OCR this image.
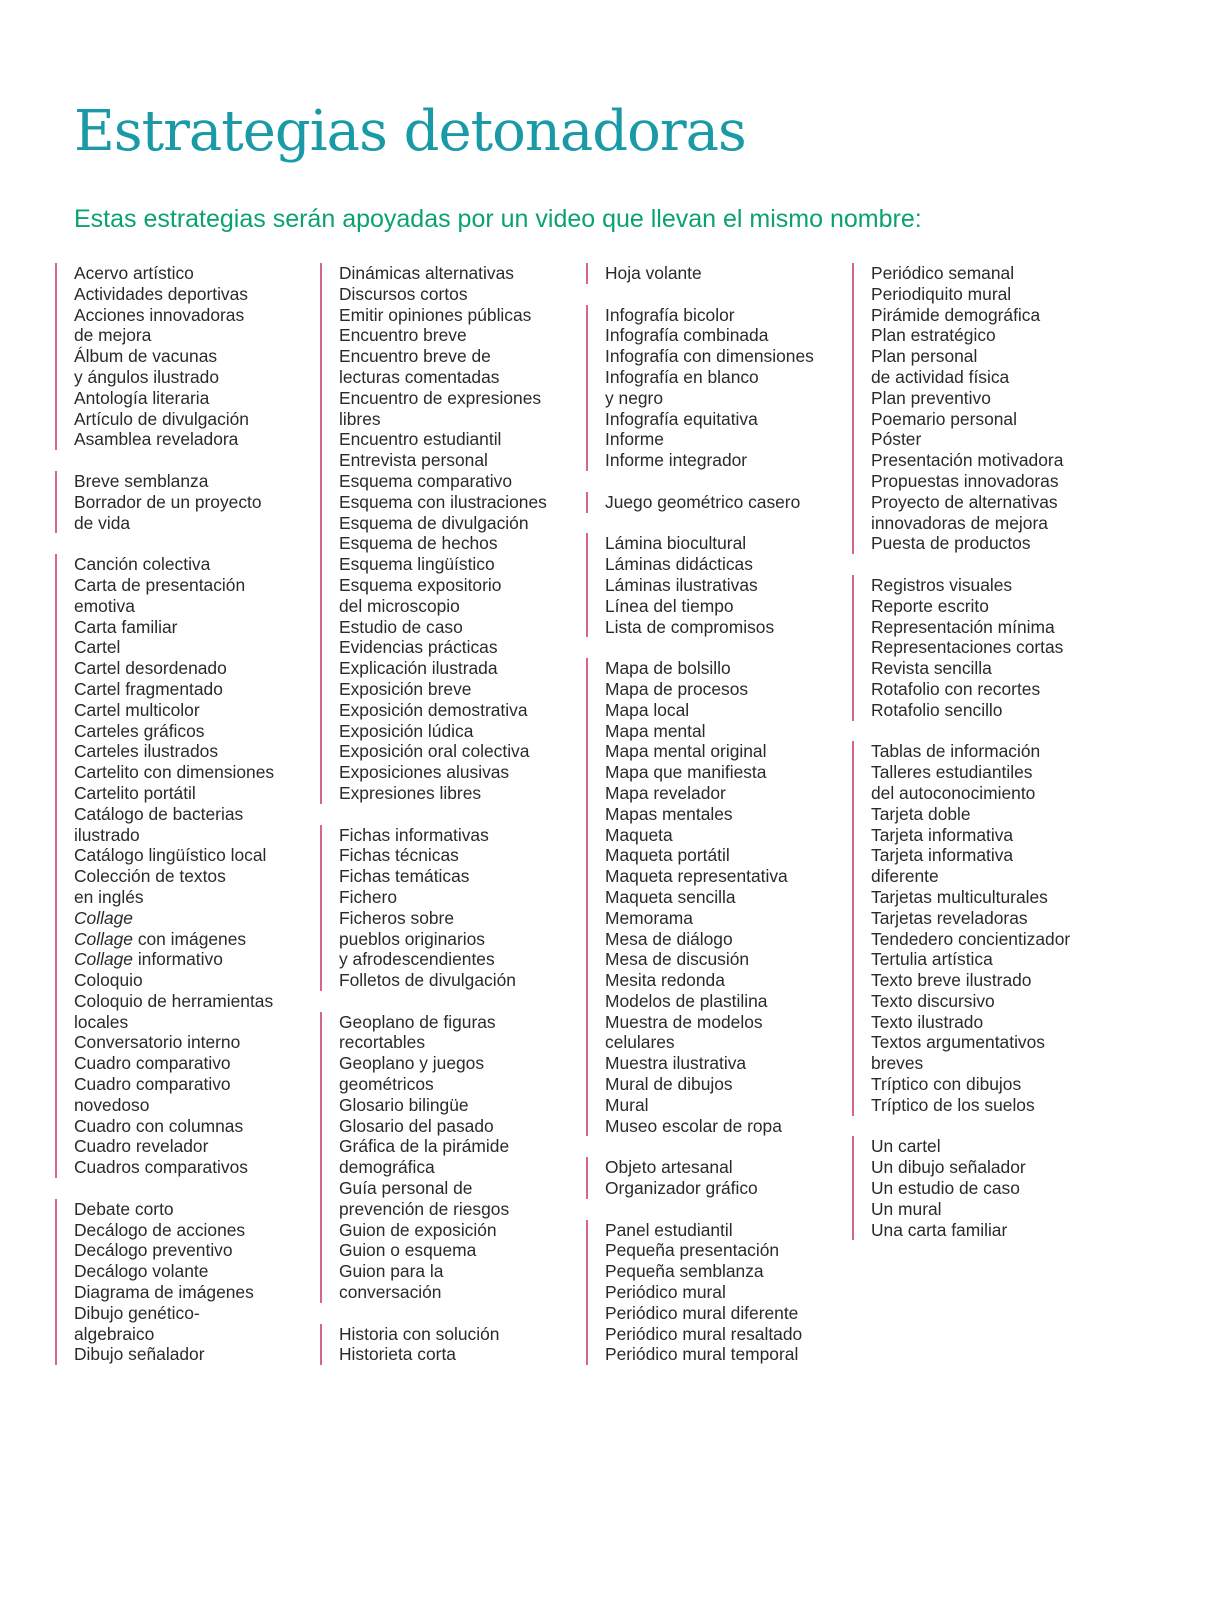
Estrategias detonadoras

Estas estrategias serán apoyadas por un video que llevan el mismo nombre:

Acervo artístico
Actividades deportivas
Acciones innovadoras
de mejora
Álbum de vacunas
y ángulos ilustrado
Antología literaria
Artículo de divulgación
Asamblea reveladora
Breve semblanza
Borrador de un proyecto
de vida
Canción colectiva
Carta de presentación
emotiva
Carta familiar
Cartel
Cartel desordenado
Cartel fragmentado
Cartel multicolor
Carteles gráficos
Carteles ilustrados
Cartelito con dimensiones
Cartelito portátil
Catálogo de bacterias
ilustrado
Catálogo lingüístico local
Colección de textos
en inglés
Collage
Collage con imágenes
Collage informativo
Coloquio
Coloquio de herramientas
locales
Conversatorio interno
Cuadro comparativo
Cuadro comparativo
novedoso
Cuadro con columnas
Cuadro revelador
Cuadros comparativos
Debate corto
Decálogo de acciones
Decálogo preventivo
Decálogo volante
Diagrama de imágenes
Dibujo genético-
algebraico
Dibujo señalador
Dinámicas alternativas
Discursos cortos
Emitir opiniones públicas
Encuentro breve
Encuentro breve de
lecturas comentadas
Encuentro de expresiones
libres
Encuentro estudiantil
Entrevista personal
Esquema comparativo
Esquema con ilustraciones
Esquema de divulgación
Esquema de hechos
Esquema lingüístico
Esquema expositorio
del microscopio
Estudio de caso
Evidencias prácticas
Explicación ilustrada
Exposición breve
Exposición demostrativa
Exposición lúdica
Exposición oral colectiva
Exposiciones alusivas
Expresiones libres
Fichas informativas
Fichas técnicas
Fichas temáticas
Fichero
Ficheros sobre
pueblos originarios
y afrodescendientes
Folletos de divulgación
Geoplano de figuras
recortables
Geoplano y juegos
geométricos
Glosario bilingüe
Glosario del pasado
Gráfica de la pirámide
demográfica
Guía personal de
prevención de riesgos
Guion de exposición
Guion o esquema
Guion para la
conversación
Historia con solución
Historieta corta
Hoja volante
Infografía bicolor
Infografía combinada
Infografía con dimensiones
Infografía en blanco
y negro
Infografía equitativa
Informe
Informe integrador
Juego geométrico casero
Lámina biocultural
Láminas didácticas
Láminas ilustrativas
Línea del tiempo
Lista de compromisos
Mapa de bolsillo
Mapa de procesos
Mapa local
Mapa mental
Mapa mental original
Mapa que manifiesta
Mapa revelador
Mapas mentales
Maqueta
Maqueta portátil
Maqueta representativa
Maqueta sencilla
Memorama
Mesa de diálogo
Mesa de discusión
Mesita redonda
Modelos de plastilina
Muestra de modelos
celulares
Muestra ilustrativa
Mural de dibujos
Mural
Museo escolar de ropa
Objeto artesanal
Organizador gráfico
Panel estudiantil
Pequeña presentación
Pequeña semblanza
Periódico mural
Periódico mural diferente
Periódico mural resaltado
Periódico mural temporal
Periódico semanal
Periodiquito mural
Pirámide demográfica
Plan estratégico
Plan personal
de actividad física
Plan preventivo
Poemario personal
Póster
Presentación motivadora
Propuestas innovadoras
Proyecto de alternativas
innovadoras de mejora
Puesta de productos
Registros visuales
Reporte escrito
Representación mínima
Representaciones cortas
Revista sencilla
Rotafolio con recortes
Rotafolio sencillo
Tablas de información
Talleres estudiantiles
del autoconocimiento
Tarjeta doble
Tarjeta informativa
Tarjeta informativa
diferente
Tarjetas multiculturales
Tarjetas reveladoras
Tendedero concientizador
Tertulia artística
Texto breve ilustrado
Texto discursivo
Texto ilustrado
Textos argumentativos
breves
Tríptico con dibujos
Tríptico de los suelos
Un cartel
Un dibujo señalador
Un estudio de caso
Un mural
Una carta familiar
